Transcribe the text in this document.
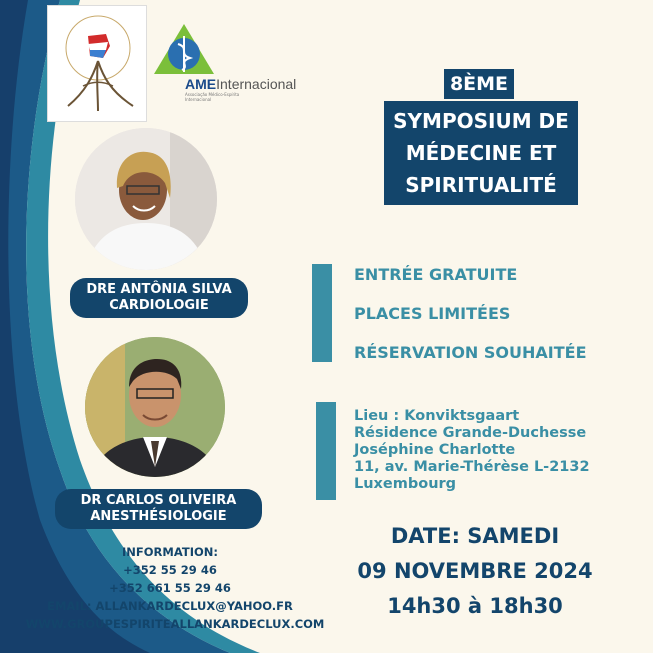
AMEInternacional
Associação Médico-Espírita Internacional
8ÈME
SYMPOSIUM DE
MÉDECINE ET
SPIRITUALITÉ
DRE ANTÔNIA SILVA
CARDIOLOGIE
DR CARLOS OLIVEIRA
ANESTHÉSIOLOGIE
ENTRÉE GRATUITE
PLACES LIMITÉES
RÉSERVATION SOUHAITÉE
Lieu : Konviktsgaart
Résidence Grande-Duchesse
Joséphine Charlotte
11, av. Marie-Thérèse L-2132
Luxembourg
DATE: SAMEDI
09 NOVEMBRE 2024
14h30 à 18h30
INFORMATION:
+352 55 29 46
+352 661 55 29 46
EMAIL: ALLANKARDECLUX@YAHOO.FR
WWW.GROUPESPIRITEALLANKARDECLUX.COM
